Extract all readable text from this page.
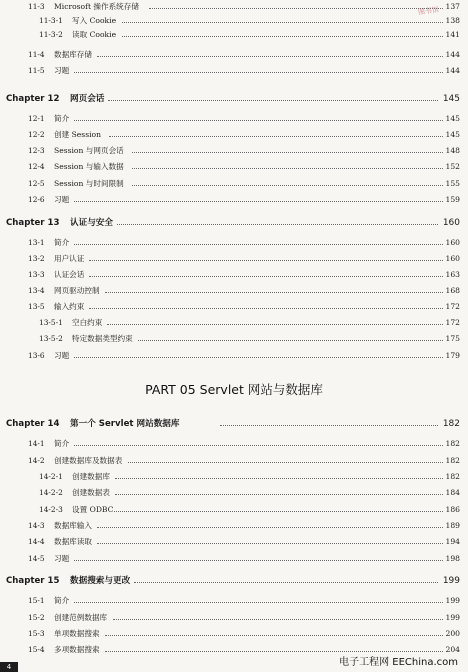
11-3 Microsoft 操作系统存储	137
11-3-1 写入 Cookie	138
11-3-2 读取 Cookie	141
11-4 数据库存储	144
11-5 习题	144
Chapter 12 网页会话	145
12-1 简介	145
12-2 创建 Session	145
12-3 Session 与网页会话	148
12-4 Session 与输入数据	152
12-5 Session 与时间限制	155
12-6 习题	159
Chapter 13 认证与安全	160
13-1 简介	160
13-2 用户认证	160
13-3 认证会话	163
13-4 网页驱动控制	168
13-5 输入约束	172
13-5-1 空白约束	172
13-5-2 特定数据类型约束	175
13-6 习题	179
Chapter 14 第一个 Servlet 网站数据库	182
14-1 简介	182
14-2 创建数据库及数据表	182
14-2-1 创建数据库	182
14-2-2 创建数据表	184
14-2-3 设置 ODBC	186
14-3 数据库输入	189
14-4 数据库读取	194
14-5 习题	198
Chapter 15 数据搜索与更改	199
15-1 简介	199
15-2 创建范例数据库	199
15-3 单项数据搜索	200
15-4 多项数据搜索	204
PART 05 Servlet 网站与数据库
图书馆
电子工程网 EEChina.com
4
